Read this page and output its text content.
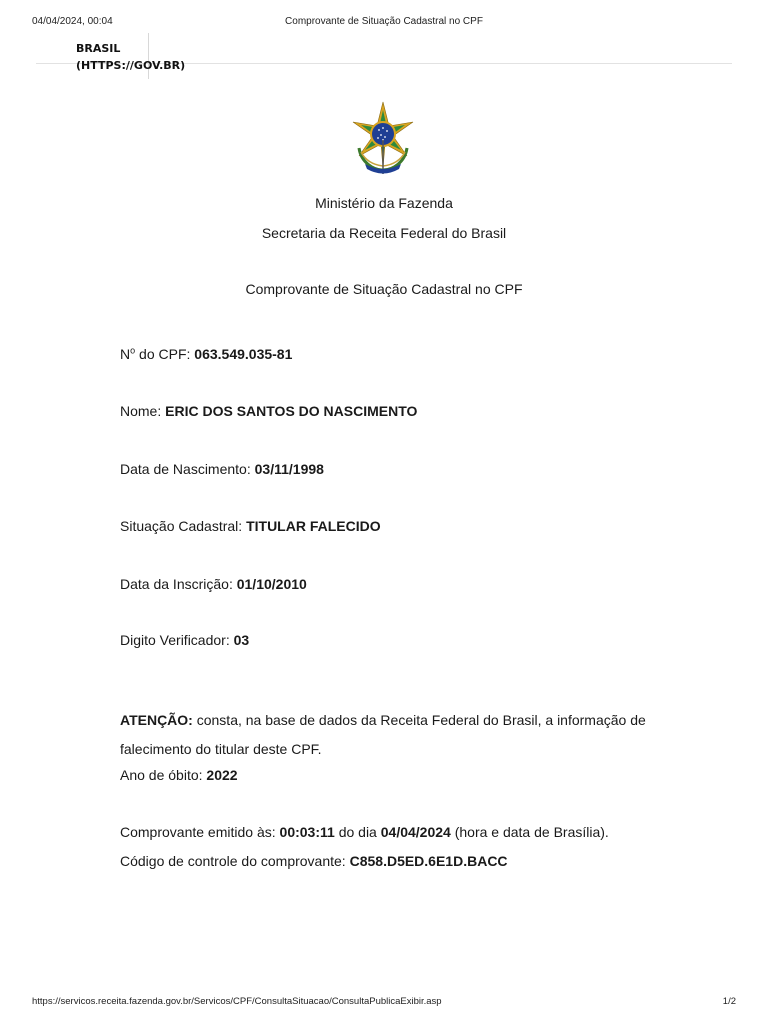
04/04/2024, 00:04	Comprovante de Situação Cadastral no CPF
BRASIL
(HTTPS://GOV.BR)
Ministério da Fazenda
Secretaria da Receita Federal do Brasil
Comprovante de Situação Cadastral no CPF
$N^o$ do CPF: 063.549.035-81
Nome: ERIC DOS SANTOS DO NASCIMENTO
Data de Nascimento: 03/11/1998
Situação Cadastral: TITULAR FALECIDO
Data da Inscrição: 01/10/2010
Digito Verificador: 03
ATENÇÃO: consta, na base de dados da Receita Federal do Brasil, a informação de falecimento do titular deste CPF.
Ano de óbito: 2022
Comprovante emitido às: 00:03:11 do dia 04/04/2024 (hora e data de Brasília).
Código de controle do comprovante: C858.D5ED.6E1D.BACC
https://servicos.receita.fazenda.gov.br/Servicos/CPF/ConsultaSituacao/ConsultaPublicaExibir.asp	1/2
